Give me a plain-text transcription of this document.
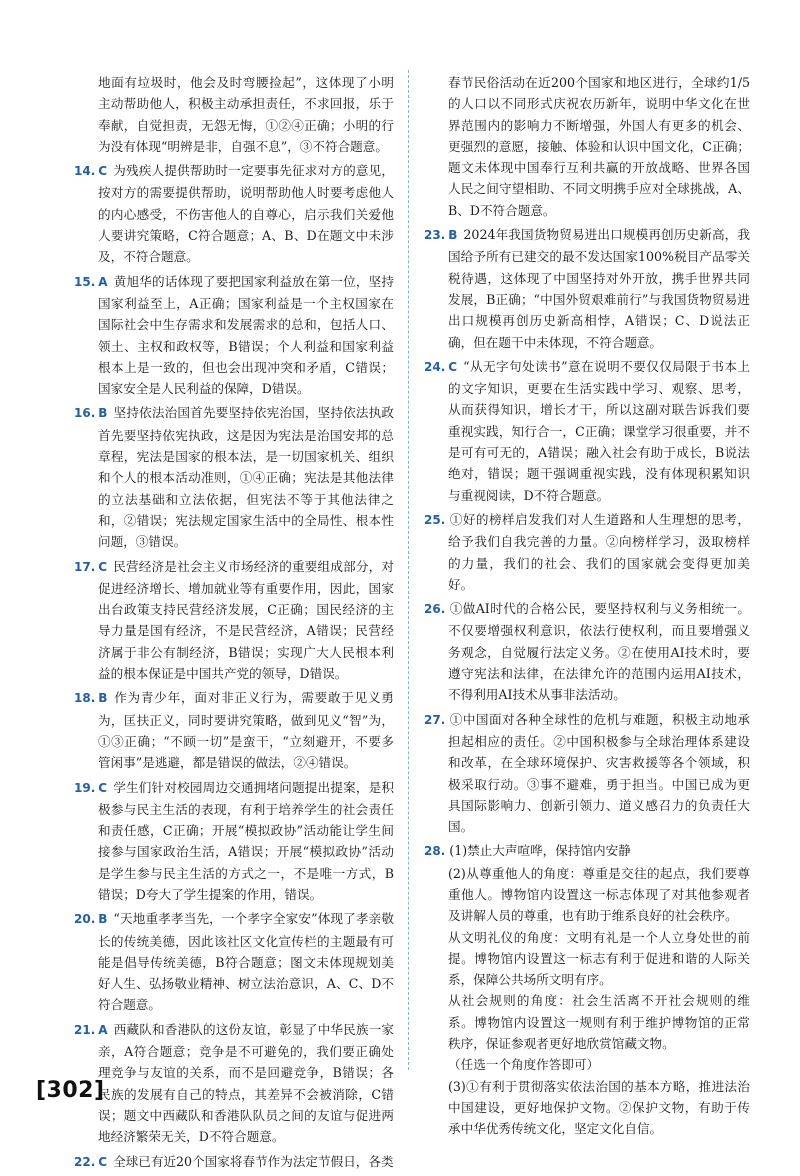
地面有垃圾时，他会及时弯腰捡起”，这体现了小明主动帮助他人，积极主动承担责任，不求回报，乐于奉献，自觉担责，无怨无悔，①②④正确；小明的行为没有体现“明辨是非，自强不息”，③不符合题意。

14. C 为残疾人提供帮助时一定要事先征求对方的意见，按对方的需要提供帮助，说明帮助他人时要考虑他人的内心感受，不伤害他人的自尊心，启示我们关爱他人要讲究策略，C符合题意；A、B、D在题文中未涉及，不符合题意。

15. A 黄旭华的话体现了要把国家利益放在第一位，坚持国家利益至上，A正确；国家利益是一个主权国家在国际社会中生存需求和发展需求的总和，包括人口、领土、主权和政权等，B错误；个人利益和国家利益根本上是一致的，但也会出现冲突和矛盾，C错误；国家安全是人民利益的保障，D错误。

16. B 坚持依法治国首先要坚持依宪治国，坚持依法执政首先要坚持依宪执政，这是因为宪法是治国安邦的总章程，宪法是国家的根本法，是一切国家机关、组织和个人的根本活动准则，①④正确；宪法是其他法律的立法基础和立法依据，但宪法不等于其他法律之和，②错误；宪法规定国家生活中的全局性、根本性问题，③错误。

17. C 民营经济是社会主义市场经济的重要组成部分，对促进经济增长、增加就业等有重要作用，因此，国家出台政策支持民营经济发展，C正确；国民经济的主导力量是国有经济，不是民营经济，A错误；民营经济属于非公有制经济，B错误；实现广大人民根本利益的根本保证是中国共产党的领导，D错误。

18. B 作为青少年，面对非正义行为，需要敢于见义勇为，匡扶正义，同时要讲究策略，做到见义“智”为，①③正确；“不顾一切”是蛮干，“立刻避开，不要多管闲事”是逃避，都是错误的做法，②④错误。

19. C 学生们针对校园周边交通拥堵问题提出提案，是积极参与民主生活的表现，有利于培养学生的社会责任和责任感，C正确；开展“模拟政协”活动能让学生间接参与国家政治生活，A错误；开展“模拟政协”活动是学生参与民主生活的方式之一，不是唯一方式，B错误；D夸大了学生提案的作用，错误。

20. B “天地重孝孝当先，一个孝字全家安”体现了孝亲敬长的传统美德，因此该社区文化宣传栏的主题最有可能是倡导传统美德，B符合题意；图文未体现规划美好人生、弘扬敬业精神、树立法治意识，A、C、D不符合题意。

21. A 西藏队和香港队的这份友谊，彰显了中华民族一家亲，A符合题意；竞争是不可避免的，我们要正确处理竞争与友谊的关系，而不是回避竞争，B错误；各民族的发展有自己的特点，其差异不会被消除，C错误；题文中西藏队和香港队队员之间的友谊与促进两地经济繁荣无关，D不符合题意。

22. C 全球已有近20个国家将春节作为法定节假日，各类

春节民俗活动在近200个国家和地区进行，全球约1/5的人口以不同形式庆祝农历新年，说明中华文化在世界范围内的影响力不断增强，外国人有更多的机会、更强烈的意愿，接触、体验和认识中国文化，C正确；题文未体现中国奉行互利共赢的开放战略、世界各国人民之间守望相助、不同文明携手应对全球挑战，A、B、D不符合题意。

23. B 2024年我国货物贸易进出口规模再创历史新高，我国给予所有已建交的最不发达国家100%税目产品零关税待遇，这体现了中国坚持对外开放，携手世界共同发展，B正确；“中国外贸艰难前行”与我国货物贸易进出口规模再创历史新高相悖，A错误；C、D说法正确，但在题干中未体现，不符合题意。

24. C “从无字句处读书”意在说明不要仅仅局限于书本上的文字知识，更要在生活实践中学习、观察、思考，从而获得知识，增长才干，所以这副对联告诉我们要重视实践，知行合一，C正确；课堂学习很重要，并不是可有可无的，A错误；融入社会有助于成长，B说法绝对，错误；题干强调重视实践，没有体现积累知识与重视阅读，D不符合题意。

25. ①好的榜样启发我们对人生道路和人生理想的思考，给予我们自我完善的力量。②向榜样学习，汲取榜样的力量，我们的社会、我们的国家就会变得更加美好。

26. ①做AI时代的合格公民，要坚持权利与义务相统一。不仅要增强权利意识，依法行使权利，而且要增强义务观念，自觉履行法定义务。②在使用AI技术时，要遵守宪法和法律，在法律允许的范围内运用AI技术，不得利用AI技术从事非法活动。

27. ①中国面对各种全球性的危机与难题，积极主动地承担起相应的责任。②中国积极参与全球治理体系建设和改革，在全球环境保护、灾害救援等各个领域，积极采取行动。③事不避难，勇于担当。中国已成为更具国际影响力、创新引领力、道义感召力的负责任大国。

28. (1)禁止大声喧哗，保持馆内安静

(2)从尊重他人的角度：尊重是交往的起点，我们要尊重他人。博物馆内设置这一标志体现了对其他参观者及讲解人员的尊重，也有助于维系良好的社会秩序。

从文明礼仪的角度：文明有礼是一个人立身处世的前提。博物馆内设置这一标志有利于促进和谐的人际关系，保障公共场所文明有序。

从社会规则的角度：社会生活离不开社会规则的维系。博物馆内设置这一规则有利于维护博物馆的正常秩序，保证参观者更好地欣赏馆藏文物。

（任选一个角度作答即可）

(3)①有利于贯彻落实依法治国的基本方略，推进法治中国建设，更好地保护文物。②保护文物，有助于传承中华优秀传统文化，坚定文化自信。

[302]
